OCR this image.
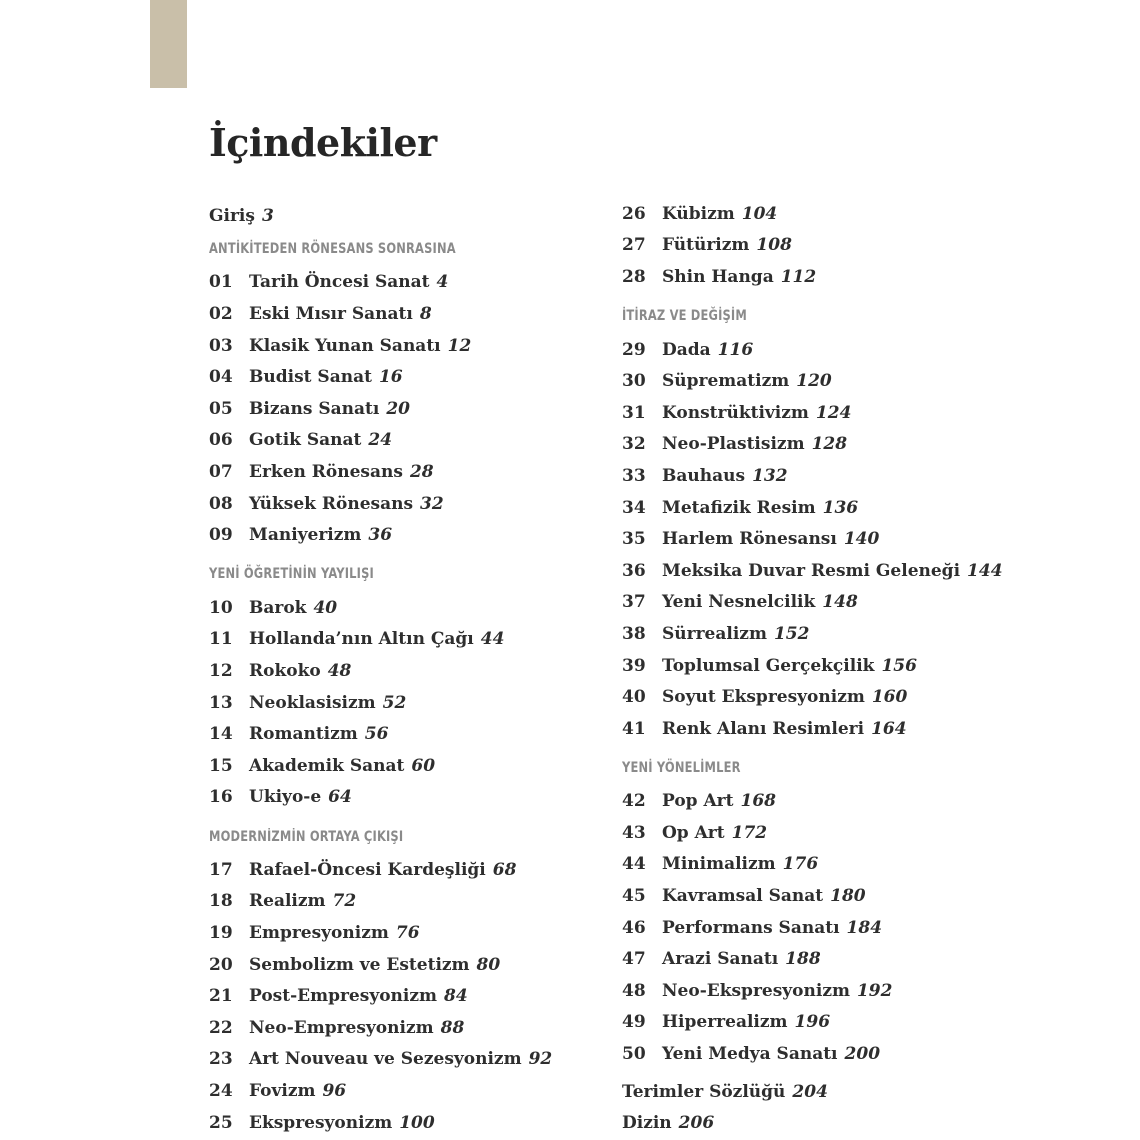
İçindekiler
Giriş 3
ANTİKİTEDEN RÖNESANS SONRASINA
01 Tarih Öncesi Sanat 4
02 Eski Mısır Sanatı 8
03 Klasik Yunan Sanatı 12
04 Budist Sanat 16
05 Bizans Sanatı 20
06 Gotik Sanat 24
07 Erken Rönesans 28
08 Yüksek Rönesans 32
09 Maniyerizm 36
YENİ ÖĞRETİNİN YAYILIŞI
10 Barok 40
11 Hollanda’nın Altın Çağı 44
12 Rokoko 48
13 Neoklasisizm 52
14 Romantizm 56
15 Akademik Sanat 60
16 Ukiyo-e 64
MODERNİZMİN ORTAYA ÇIKIŞI
17 Rafael-Öncesi Kardeşliği 68
18 Realizm 72
19 Empresyonizm 76
20 Sembolizm ve Estetizm 80
21 Post-Empresyonizm 84
22 Neo-Empresyonizm 88
23 Art Nouveau ve Sezesyonizm 92
24 Fovizm 96
25 Ekspresyonizm 100
26 Kübizm 104
27 Fütürizm 108
28 Shin Hanga 112
İTİRAZ VE DEĞİŞİM
29 Dada 116
30 Süprematizm 120
31 Konstrüktivizm 124
32 Neo-Plastisizm 128
33 Bauhaus 132
34 Metafizik Resim 136
35 Harlem Rönesansı 140
36 Meksika Duvar Resmi Geleneği 144
37 Yeni Nesnelcilik 148
38 Sürrealizm 152
39 Toplumsal Gerçekçilik 156
40 Soyut Ekspresyonizm 160
41 Renk Alanı Resimleri 164
YENİ YÖNELİMLER
42 Pop Art 168
43 Op Art 172
44 Minimalizm 176
45 Kavramsal Sanat 180
46 Performans Sanatı 184
47 Arazi Sanatı 188
48 Neo-Ekspresyonizm 192
49 Hiperrealizm 196
50 Yeni Medya Sanatı 200
Terimler Sözlüğü 204
Dizin 206
